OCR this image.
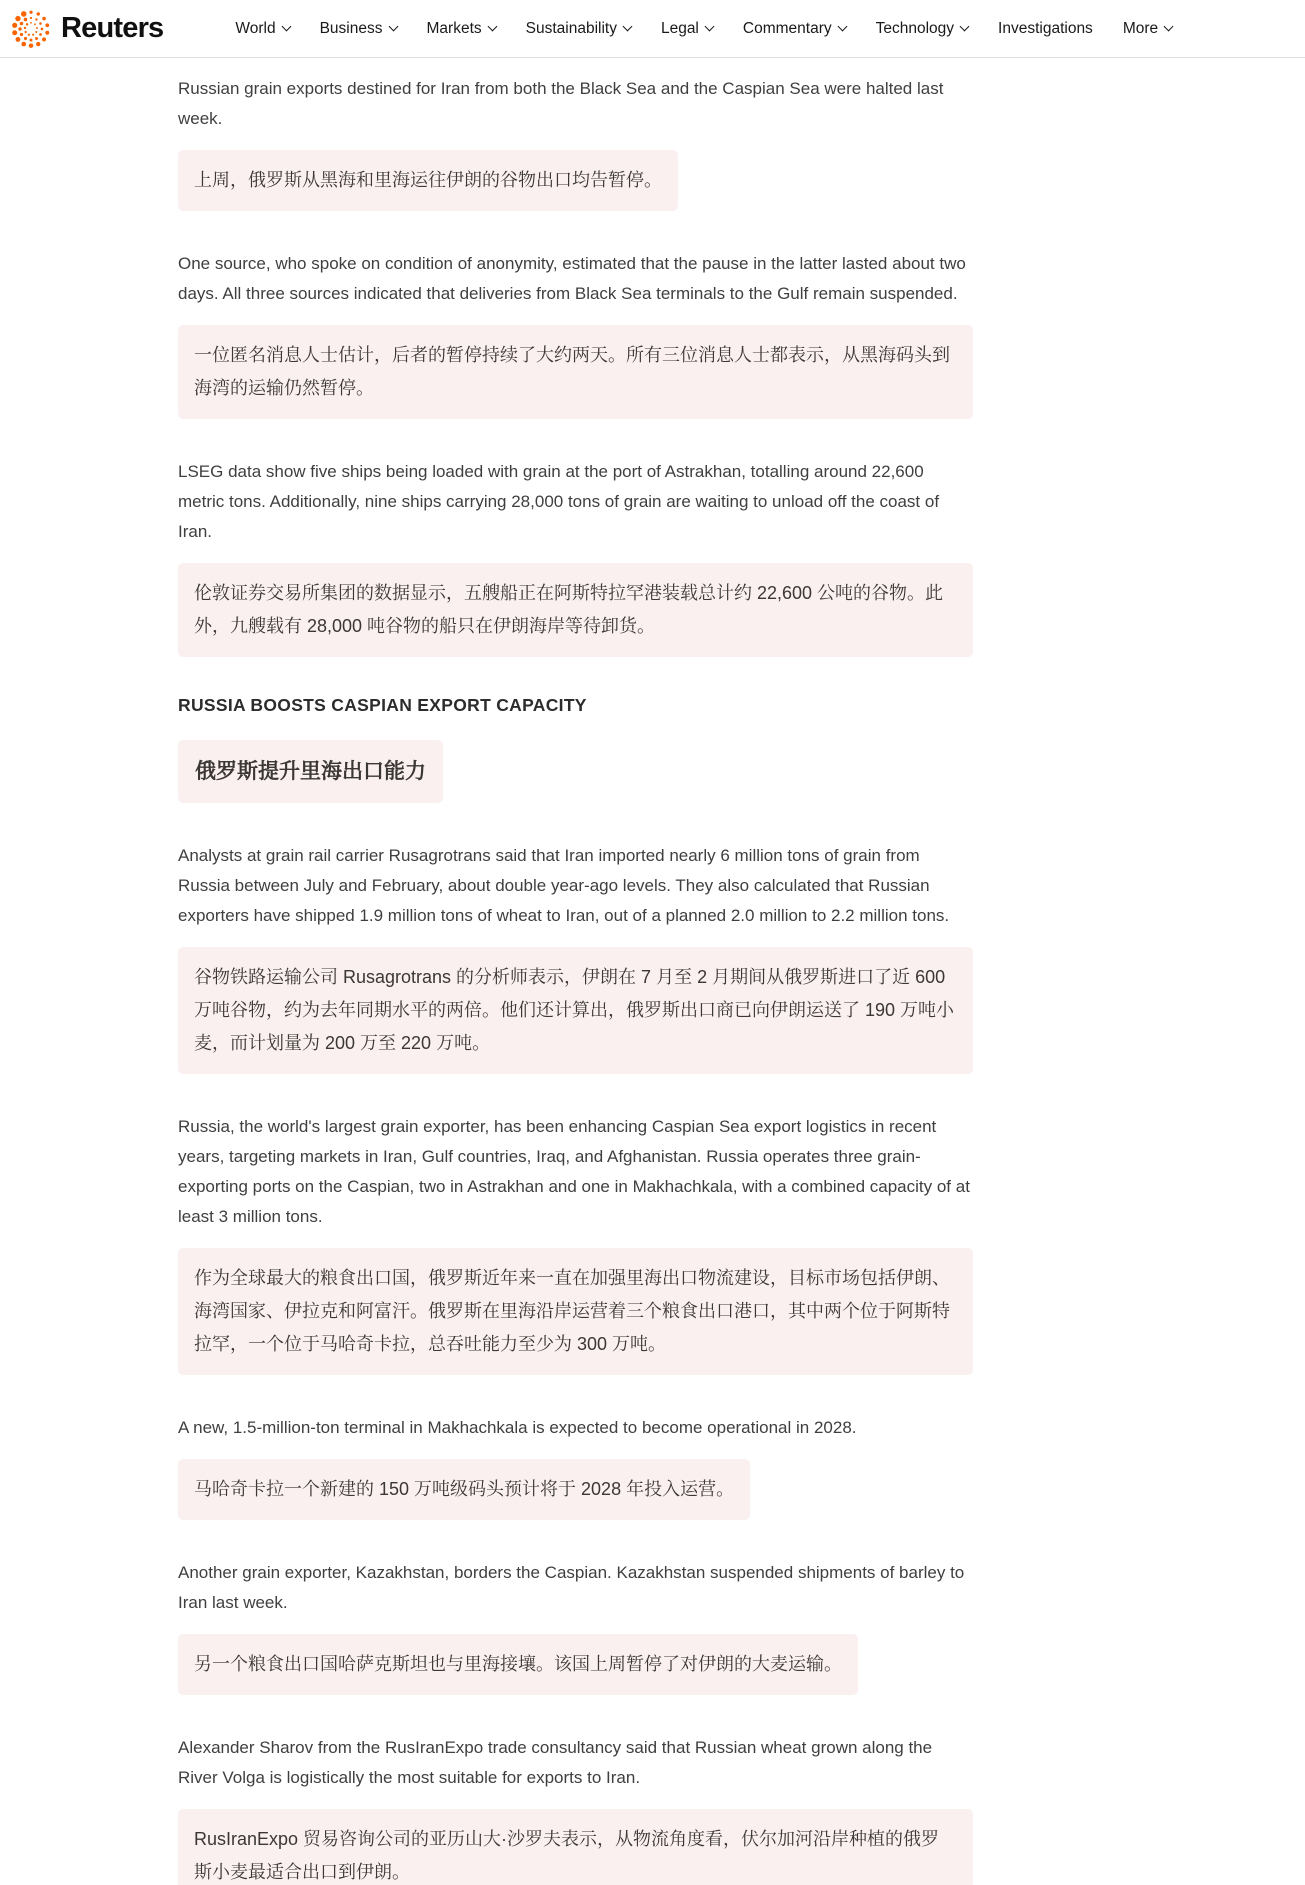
Reuters	World	Business	Markets	Sustainability	Legal	Commentary	Technology	Investigations More

Russian grain exports destined for Iran from both the Black Sea and the Caspian Sea were halted last week.

上周，俄罗斯从黑海和里海运往伊朗的谷物出口均告暂停。

One source, who spoke on condition of anonymity, estimated that the pause in the latter lasted about two days. All three sources indicated that deliveries from Black Sea terminals to the Gulf remain suspended.

一位匿名消息人士估计，后者的暂停持续了大约两天。所有三位消息人士都表示，从黑海码头到海湾的运输仍然暂停。

LSEG data show five ships being loaded with grain at the port of Astrakhan, totalling around 22,600 metric tons. Additionally, nine ships carrying 28,000 tons of grain are waiting to unload off the coast of Iran.

伦敦证券交易所集团的数据显示，五艘船正在阿斯特拉罕港装载总计约 22,600 公吨的谷物。此外，九艘载有 28,000 吨谷物的船只在伊朗海岸等待卸货。
RUSSIA BOOSTS CASPIAN EXPORT CAPACITY
俄罗斯提升里海出口能力

Analysts at grain rail carrier Rusagrotrans said that Iran imported nearly 6 million tons of grain from Russia between July and February, about double year-ago levels. They also calculated that Russian exporters have shipped 1.9 million tons of wheat to Iran, out of a planned 2.0 million to 2.2 million tons.

谷物铁路运输公司 Rusagrotrans 的分析师表示，伊朗在 7 月至 2 月期间从俄罗斯进口了近 600 万吨谷物，约为去年同期水平的两倍。他们还计算出，俄罗斯出口商已向伊朗运送了 190 万吨小麦，而计划量为 200 万至 220 万吨。

Russia, the world's largest grain exporter, has been enhancing Caspian Sea export logistics in recent years, targeting markets in Iran, Gulf countries, Iraq, and Afghanistan. Russia operates three grain-exporting ports on the Caspian, two in Astrakhan and one in Makhachkala, with a combined capacity of at least 3 million tons.

作为全球最大的粮食出口国，俄罗斯近年来一直在加强里海出口物流建设，目标市场包括伊朗、海湾国家、伊拉克和阿富汗。俄罗斯在里海沿岸运营着三个粮食出口港口，其中两个位于阿斯特拉罕，一个位于马哈奇卡拉，总吞吐能力至少为 300 万吨。

A new, 1.5-million-ton terminal in Makhachkala is expected to become operational in 2028.

马哈奇卡拉一个新建的 150 万吨级码头预计将于 2028 年投入运营。

Another grain exporter, Kazakhstan, borders the Caspian. Kazakhstan suspended shipments of barley to Iran last week.

另一个粮食出口国哈萨克斯坦也与里海接壤。该国上周暂停了对伊朗的大麦运输。

Alexander Sharov from the RusIranExpo trade consultancy said that Russian wheat grown along the River Volga is logistically the most suitable for exports to Iran.

RusIranExpo 贸易咨询公司的亚历山大·沙罗夫表示，从物流角度看，伏尔加河沿岸种植的俄罗斯小麦最适合出口到伊朗。
